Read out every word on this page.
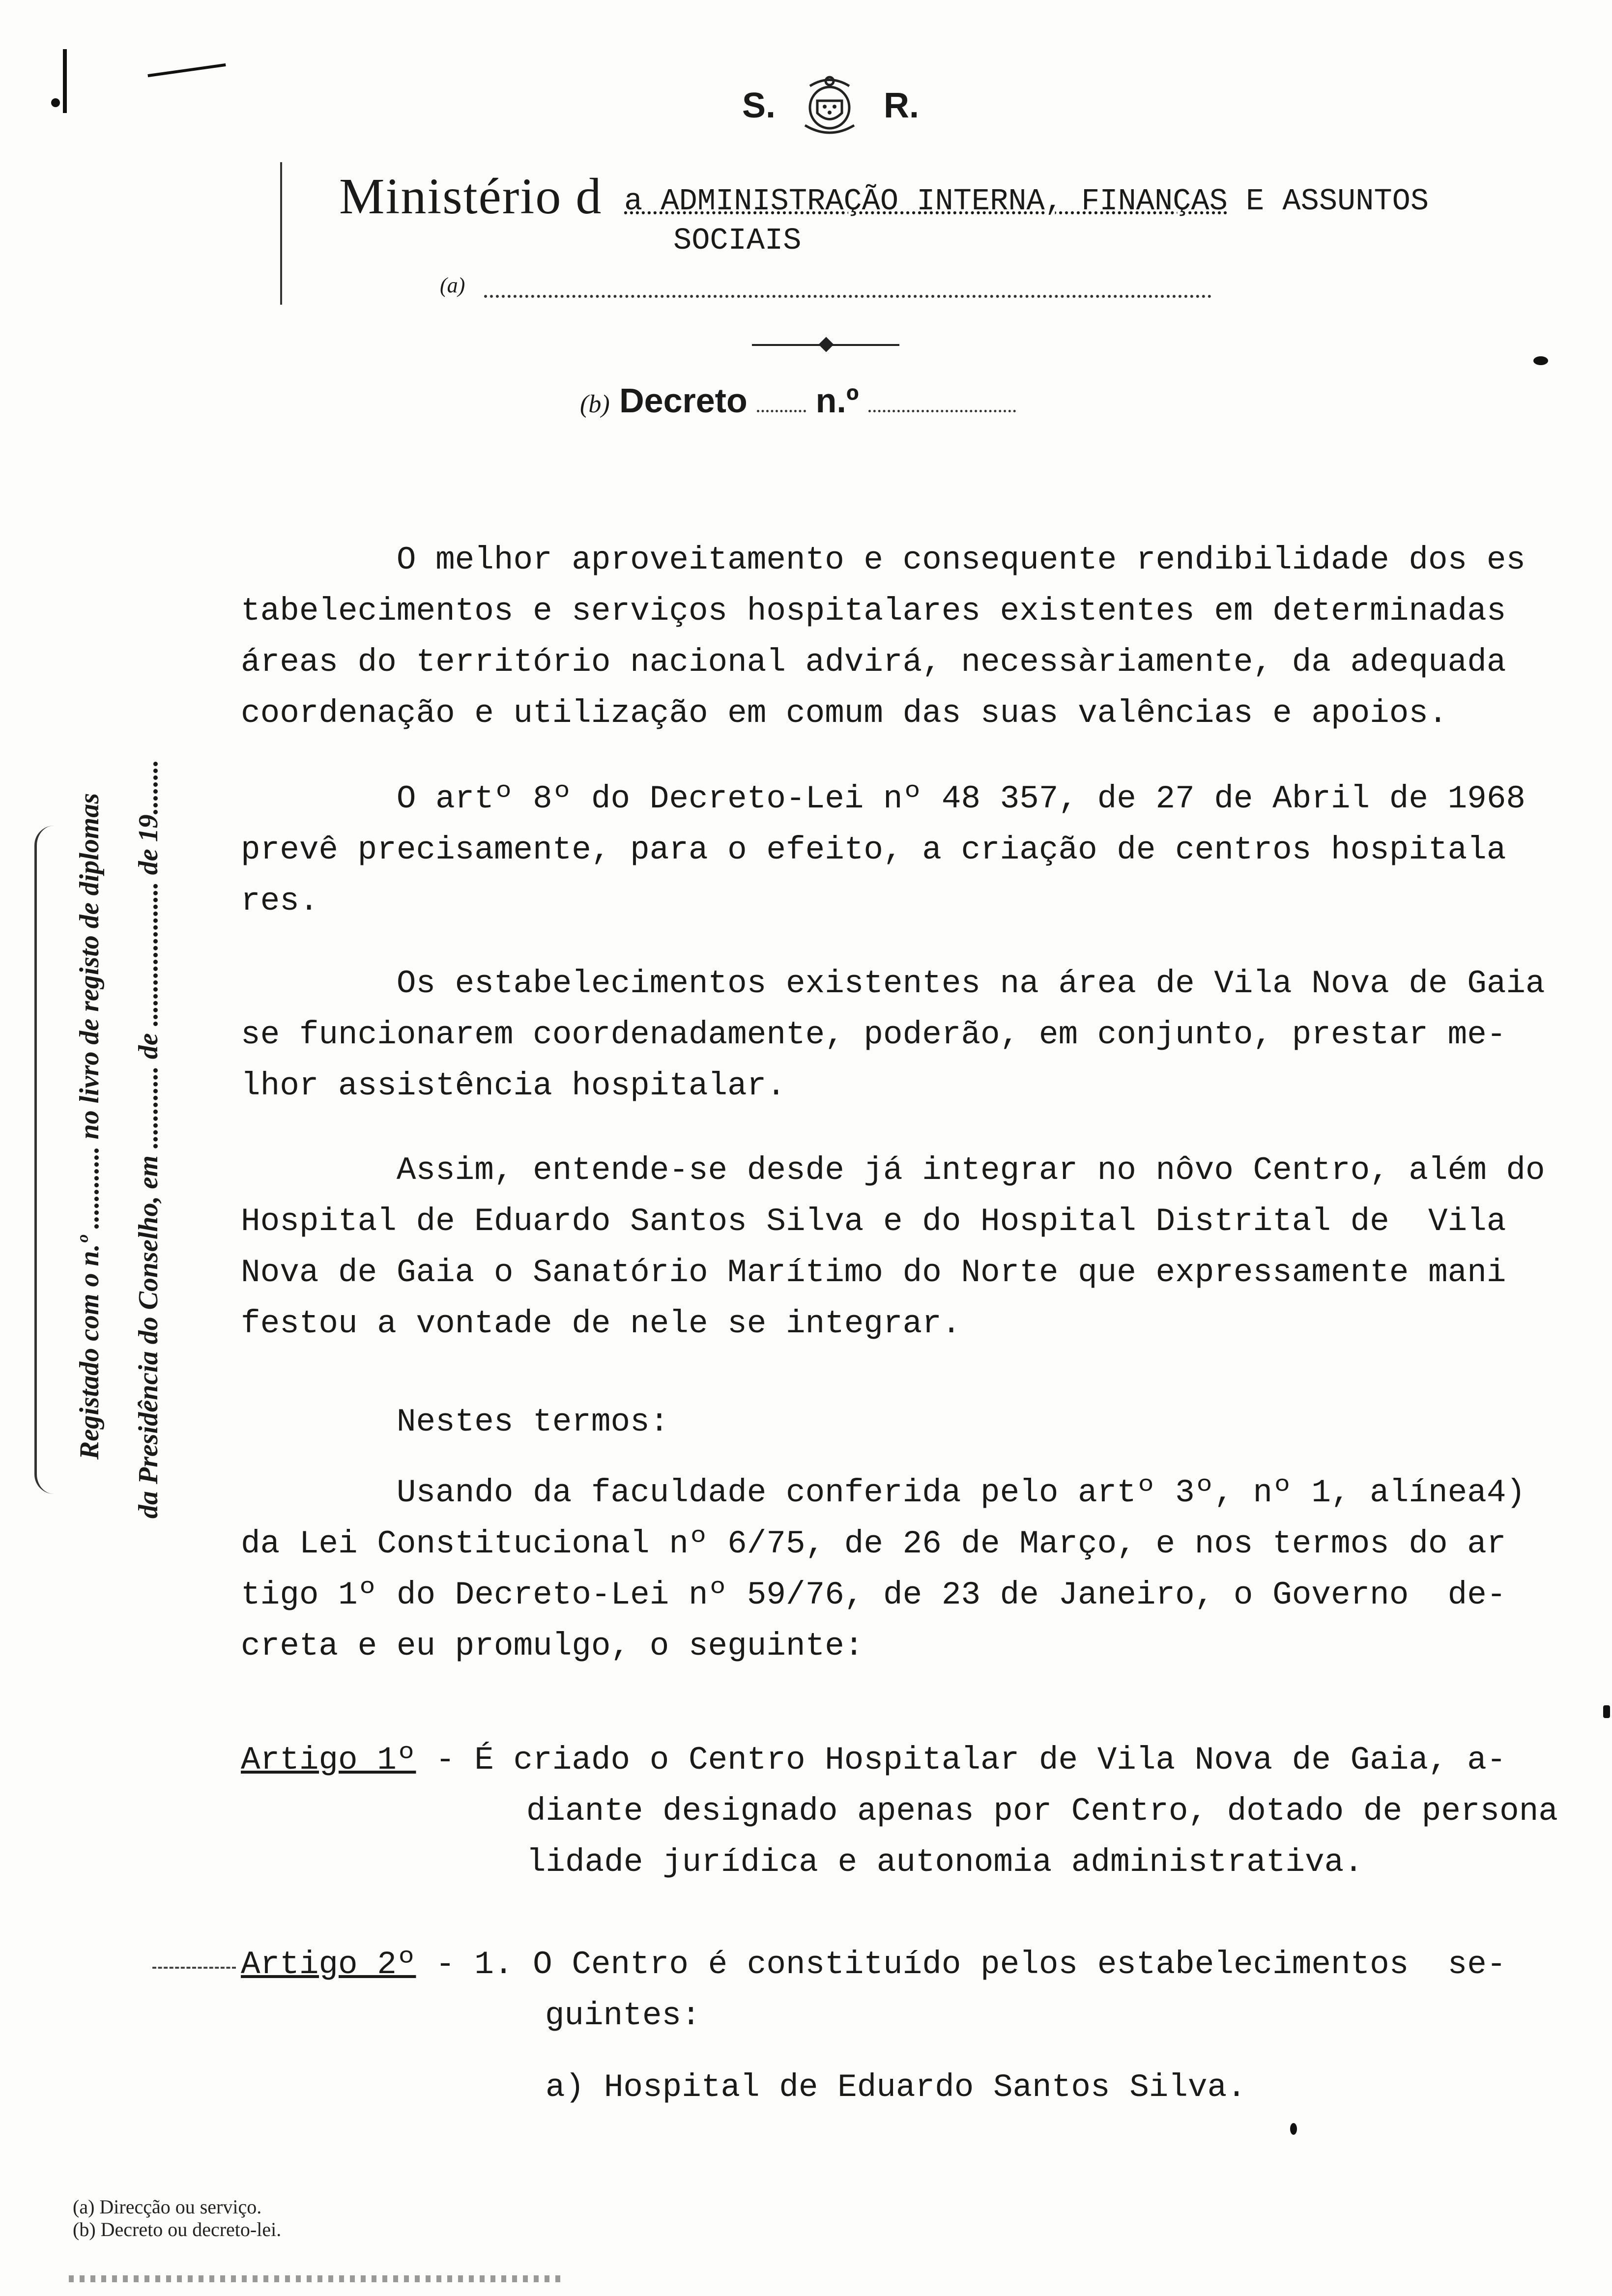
S.	R.
Ministério d a ADMINISTRAÇÃO INTERNA, FINANÇAS E ASSUNTOS
SOCIAIS
(a)
(b) Decreto n.º
Registado com o n.º ............ no livro de registo de diplomas da Presidência do Conselho, em ............ de ..................... de 19........
O melhor aproveitamento e consequente rendibilidade dos es
tabelecimentos e serviços hospitalares existentes em determinadas
áreas do território nacional advirá, necessàriamente, da adequada
coordenação e utilização em comum das suas valências e apoios.
O artº 8º do Decreto-Lei nº 48 357, de 27 de Abril de 1968
prevê precisamente, para o efeito, a criação de centros hospitala
res.
Os estabelecimentos existentes na área de Vila Nova de Gaia
se funcionarem coordenadamente, poderão, em conjunto, prestar me-
lhor assistência hospitalar.
Assim, entende-se desde já integrar no nôvo Centro, além do
Hospital de Eduardo Santos Silva e do Hospital Distrital de  Vila
Nova de Gaia o Sanatório Marítimo do Norte que expressamente mani
festou a vontade de nele se integrar.
Nestes termos:
Usando da faculdade conferida pelo artº 3º, nº 1, alínea4)
da Lei Constitucional nº 6/75, de 26 de Março, e nos termos do ar
tigo 1º do Decreto-Lei nº 59/76, de 23 de Janeiro, o Governo  de-
creta e eu promulgo, o seguinte:
Artigo 1º - É criado o Centro Hospitalar de Vila Nova de Gaia, a-
diante designado apenas por Centro, dotado de persona
lidade jurídica e autonomia administrativa.
Artigo 2º - 1. O Centro é constituído pelos estabelecimentos  se-
guintes:
a) Hospital de Eduardo Santos Silva.
(a) Direcção ou serviço.
(b) Decreto ou decreto-lei.
